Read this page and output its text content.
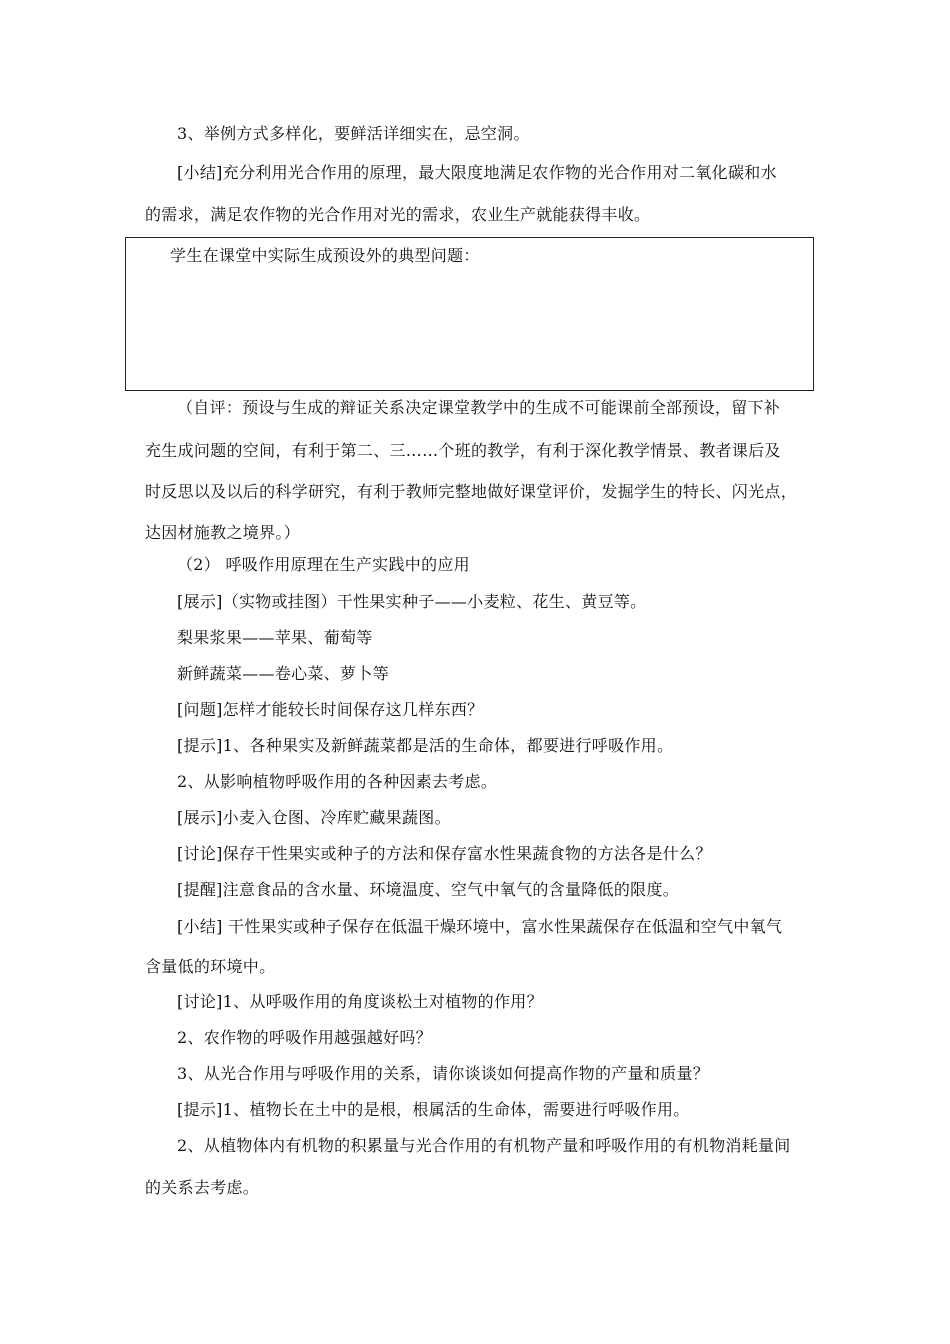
3、举例方式多样化，要鲜活详细实在，忌空洞。
[小结]充分利用光合作用的原理，最大限度地满足农作物的光合作用对二氧化碳和水
的需求，满足农作物的光合作用对光的需求，农业生产就能获得丰收。
学生在课堂中实际生成预设外的典型问题：
（自评：预设与生成的辩证关系决定课堂教学中的生成不可能课前全部预设，留下补
充生成问题的空间，有利于第二、三……个班的教学，有利于深化教学情景、教者课后及
时反思以及以后的科学研究，有利于教师完整地做好课堂评价，发掘学生的特长、闪光点，
达因材施教之境界。）
（2） 呼吸作用原理在生产实践中的应用
[展示]（实物或挂图）干性果实种子——小麦粒、花生、黄豆等。
梨果浆果——苹果、葡萄等
新鲜蔬菜——卷心菜、萝卜等
[问题]怎样才能较长时间保存这几样东西？
[提示]1、各种果实及新鲜蔬菜都是活的生命体，都要进行呼吸作用。
2、从影响植物呼吸作用的各种因素去考虑。
[展示]小麦入仓图、冷库贮藏果蔬图。
[讨论]保存干性果实或种子的方法和保存富水性果蔬食物的方法各是什么？
[提醒]注意食品的含水量、环境温度、空气中氧气的含量降低的限度。
[小结] 干性果实或种子保存在低温干燥环境中，富水性果蔬保存在低温和空气中氧气
含量低的环境中。
[讨论]1、从呼吸作用的角度谈松土对植物的作用？
2、农作物的呼吸作用越强越好吗？
3、从光合作用与呼吸作用的关系，请你谈谈如何提高作物的产量和质量？
[提示]1、植物长在土中的是根，根属活的生命体，需要进行呼吸作用。
2、从植物体内有机物的积累量与光合作用的有机物产量和呼吸作用的有机物消耗量间
的关系去考虑。
